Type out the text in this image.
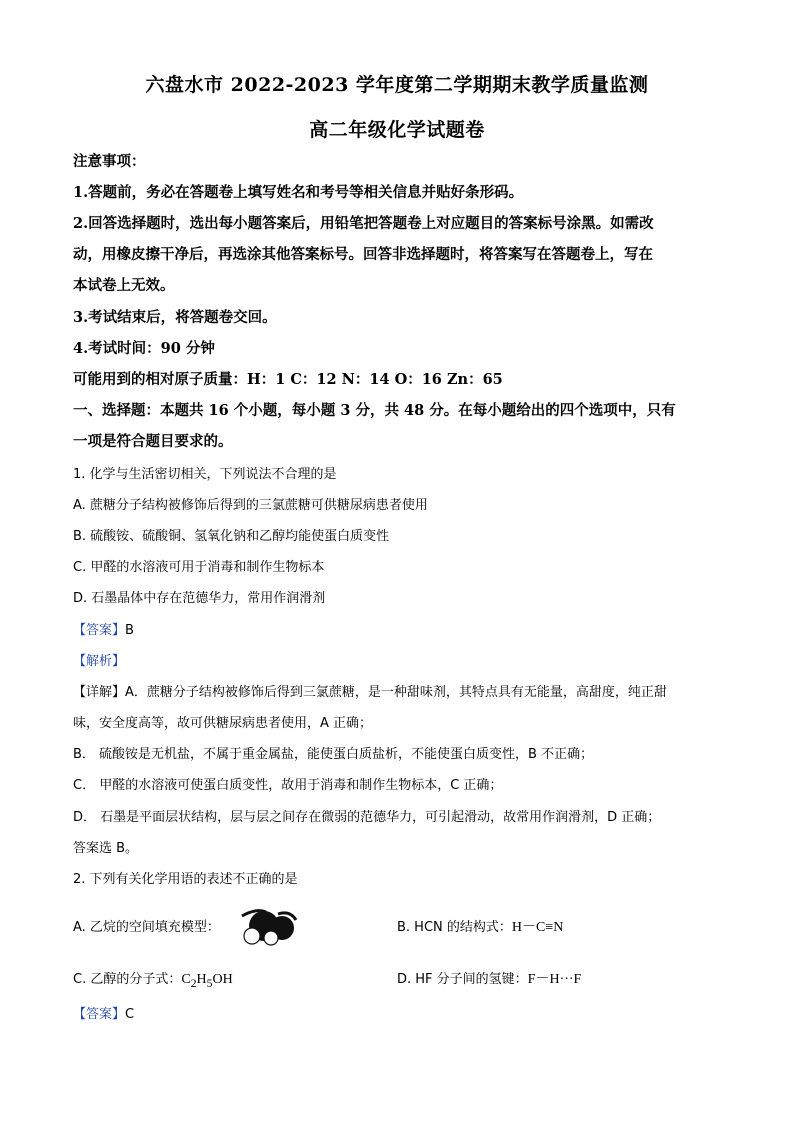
六盘水市 2022-2023 学年度第二学期期末教学质量监测
高二年级化学试题卷
注意事项：
1.答题前，务必在答题卷上填写姓名和考号等相关信息并贴好条形码。
2.回答选择题时，选出每小题答案后，用铅笔把答题卷上对应题目的答案标号涂黑。如需改
动，用橡皮擦干净后，再选涂其他答案标号。回答非选择题时，将答案写在答题卷上，写在
本试卷上无效。
3.考试结束后，将答题卷交回。
4.考试时间：90 分钟
可能用到的相对原子质量：H：1 C：12 N：14 O：16 Zn：65
一、选择题：本题共 16 个小题，每小题 3 分，共 48 分。在每小题给出的四个选项中，只有
一项是符合题目要求的。
1. 化学与生活密切相关，下列说法不合理的是
A. 蔗糖分子结构被修饰后得到的三氯蔗糖可供糖尿病患者使用
B. 硫酸铵、硫酸铜、氢氧化钠和乙醇均能使蛋白质变性
C. 甲醛的水溶液可用于消毒和制作生物标本
D. 石墨晶体中存在范德华力，常用作润滑剂
【答案】B
【解析】
【详解】A．蔗糖分子结构被修饰后得到三氯蔗糖，是一种甜味剂，其特点具有无能量，高甜度，纯正甜
味，安全度高等，故可供糖尿病患者使用，A 正确；
B． 硫酸铵是无机盐，不属于重金属盐，能使蛋白质盐析，不能使蛋白质变性，B 不正确；
C． 甲醛的水溶液可使蛋白质变性，故用于消毒和制作生物标本，C 正确；
D． 石墨是平面层状结构，层与层之间存在微弱的范德华力，可引起滑动，故常用作润滑剂，D 正确；
答案选 B。
2. 下列有关化学用语的表述不正确的是
A. 乙烷的空间填充模型：	B. HCN 的结构式：H－C≡N
C. 乙醇的分子式：$C_2H_5OH$	D. HF 分子间的氢键：F－H···F
【答案】C
